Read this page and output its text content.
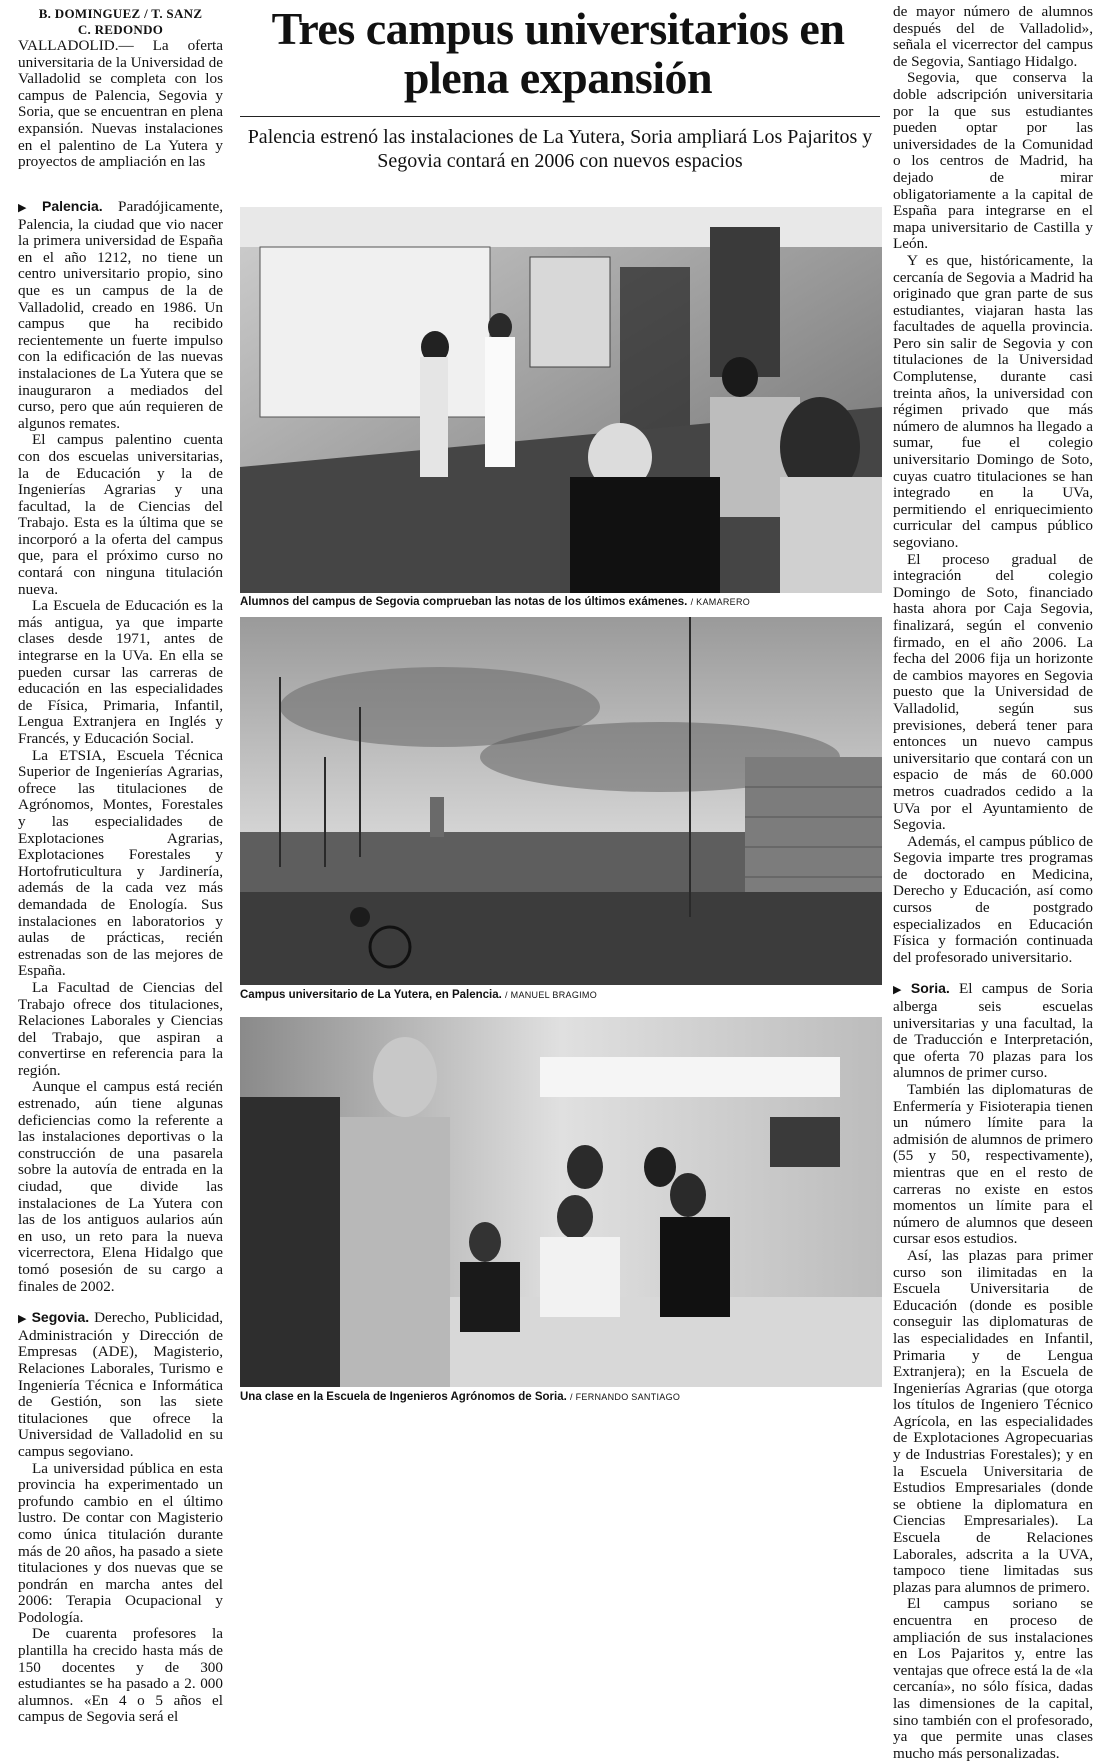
B. DOMINGUEZ / T. SANZ
C. REDONDO

VALLADOLID.— La oferta universitaria de la Universidad de Valladolid se completa con los campus de Palencia, Segovia y Soria, que se encuentran en plena expansión. Nuevas instalaciones en el palentino de La Yutera y proyectos de ampliación en las

Tres campus universitarios en plena expansión
Palencia estrenó las instalaciones de La Yutera, Soria ampliará Los Pajaritos y Segovia contará en 2006 con nuevos espacios

▶ Palencia. Paradójicamente, Palencia, la ciudad que vio nacer la primera universidad de España en el año 1212, no tiene un centro universitario propio, sino que es un campus de la de Valladolid, creado en 1986. Un campus que ha recibido recientemente un fuerte impulso con la edificación de las nuevas instalaciones de La Yutera que se inauguraron a mediados del curso, pero que aún requieren de algunos remates.

El campus palentino cuenta con dos escuelas universitarias, la de Educación y la de Ingenierías Agrarias y una facultad, la de Ciencias del Trabajo. Esta es la última que se incorporó a la oferta del campus que, para el próximo curso no contará con ninguna titulación nueva.

La Escuela de Educación es la más antigua, ya que imparte clases desde 1971, antes de integrarse en la UVa. En ella se pueden cursar las carreras de educación en las especialidades de Física, Primaria, Infantil, Lengua Extranjera en Inglés y Francés, y Educación Social.

La ETSIA, Escuela Técnica Superior de Ingenierías Agrarias, ofrece las titulaciones de Agrónomos, Montes, Forestales y las especialidades de Explotaciones Agrarias, Explotaciones Forestales y Hortofruticultura y Jardinería, además de la cada vez más demandada de Enología. Sus instalaciones en laboratorios y aulas de prácticas, recién estrenadas son de las mejores de España.

La Facultad de Ciencias del Trabajo ofrece dos titulaciones, Relaciones Laborales y Ciencias del Trabajo, que aspiran a convertirse en referencia para la región.

Aunque el campus está recién estrenado, aún tiene algunas deficiencias como la referente a las instalaciones deportivas o la construcción de una pasarela sobre la autovía de entrada en la ciudad, que divide las instalaciones de La Yutera con las de los antiguos aularios aún en uso, un reto para la nueva vicerrectora, Elena Hidalgo que tomó posesión de su cargo a finales de 2002.

▶ Segovia. Derecho, Publicidad, Administración y Dirección de Empresas (ADE), Magisterio, Relaciones Laborales, Turismo e Ingeniería Técnica e Informática de Gestión, son las siete titulaciones que ofrece la Universidad de Valladolid en su campus segoviano.

La universidad pública en esta provincia ha experimentado un profundo cambio en el último lustro. De contar con Magisterio como única titulación durante más de 20 años, ha pasado a siete titulaciones y dos nuevas que se pondrán en marcha antes del 2006: Terapia Ocupacional y Podología.

De cuarenta profesores la plantilla ha crecido hasta más de 150 docentes y de 300 estudiantes se ha pasado a 2. 000 alumnos. «En 4 o 5 años el campus de Segovia será el

de mayor número de alumnos después del de Valladolid», señala el vicerrector del campus de Segovia, Santiago Hidalgo.

Segovia, que conserva la doble adscripción universitaria por la que sus estudiantes pueden optar por las universidades de la Comunidad o los centros de Madrid, ha dejado de mirar obligatoriamente a la capital de España para integrarse en el mapa universitario de Castilla y León.

Y es que, históricamente, la cercanía de Segovia a Madrid ha originado que gran parte de sus estudiantes, viajaran hasta las facultades de aquella provincia. Pero sin salir de Segovia y con titulaciones de la Universidad Complutense, durante casi treinta años, la universidad con régimen privado que más número de alumnos ha llegado a sumar, fue el colegio universitario Domingo de Soto, cuyas cuatro titulaciones se han integrado en la UVa, permitiendo el enriquecimiento curricular del campus público segoviano.

El proceso gradual de integración del colegio Domingo de Soto, financiado hasta ahora por Caja Segovia, finalizará, según el convenio firmado, en el año 2006. La fecha del 2006 fija un horizonte de cambios mayores en Segovia puesto que la Universidad de Valladolid, según sus previsiones, deberá tener para entonces un nuevo campus universitario que contará con un espacio de más de 60.000 metros cuadrados cedido a la UVa por el Ayuntamiento de Segovia.

Además, el campus público de Segovia imparte tres programas de doctorado en Medicina, Derecho y Educación, así como cursos de postgrado especializados en Educación Física y formación continuada del profesorado universitario.

▶ Soria. El campus de Soria alberga seis escuelas universitarias y una facultad, la de Traducción e Interpretación, que oferta 70 plazas para los alumnos de primer curso.

También las diplomaturas de Enfermería y Fisioterapia tienen un número límite para la admisión de alumnos de primero (55 y 50, respectivamente), mientras que en el resto de carreras no existe en estos momentos un límite para el número de alumnos que deseen cursar esos estudios.

Así, las plazas para primer curso son ilimitadas en la Escuela Universitaria de Educación (donde es posible conseguir las diplomaturas de las especialidades en Infantil, Primaria y de Lengua Extranjera); en la Escuela de Ingenierías Agrarias (que otorga los títulos de Ingeniero Técnico Agrícola, en las especialidades de Explotaciones Agropecuarias y de Industrias Forestales); y en la Escuela Universitaria de Estudios Empresariales (donde se obtiene la diplomatura en Ciencias Empresariales). La Escuela de Relaciones Laborales, adscrita a la UVA, tampoco tiene limitadas sus plazas para alumnos de primero.

El campus soriano se encuentra en proceso de ampliación de sus instalaciones en Los Pajaritos y, entre las ventajas que ofrece está la de «la cercanía», no sólo física, dadas las dimensiones de la capital, sino también con el profesorado, ya que permite unas clases mucho más personalizadas.

Alumnos del campus de Segovia comprueban las notas de los últimos exámenes. / KAMARERO
Campus universitario de La Yutera, en Palencia. / MANUEL BRAGIMO
Una clase en la Escuela de Ingenieros Agrónomos de Soria. / FERNANDO SANTIAGO
